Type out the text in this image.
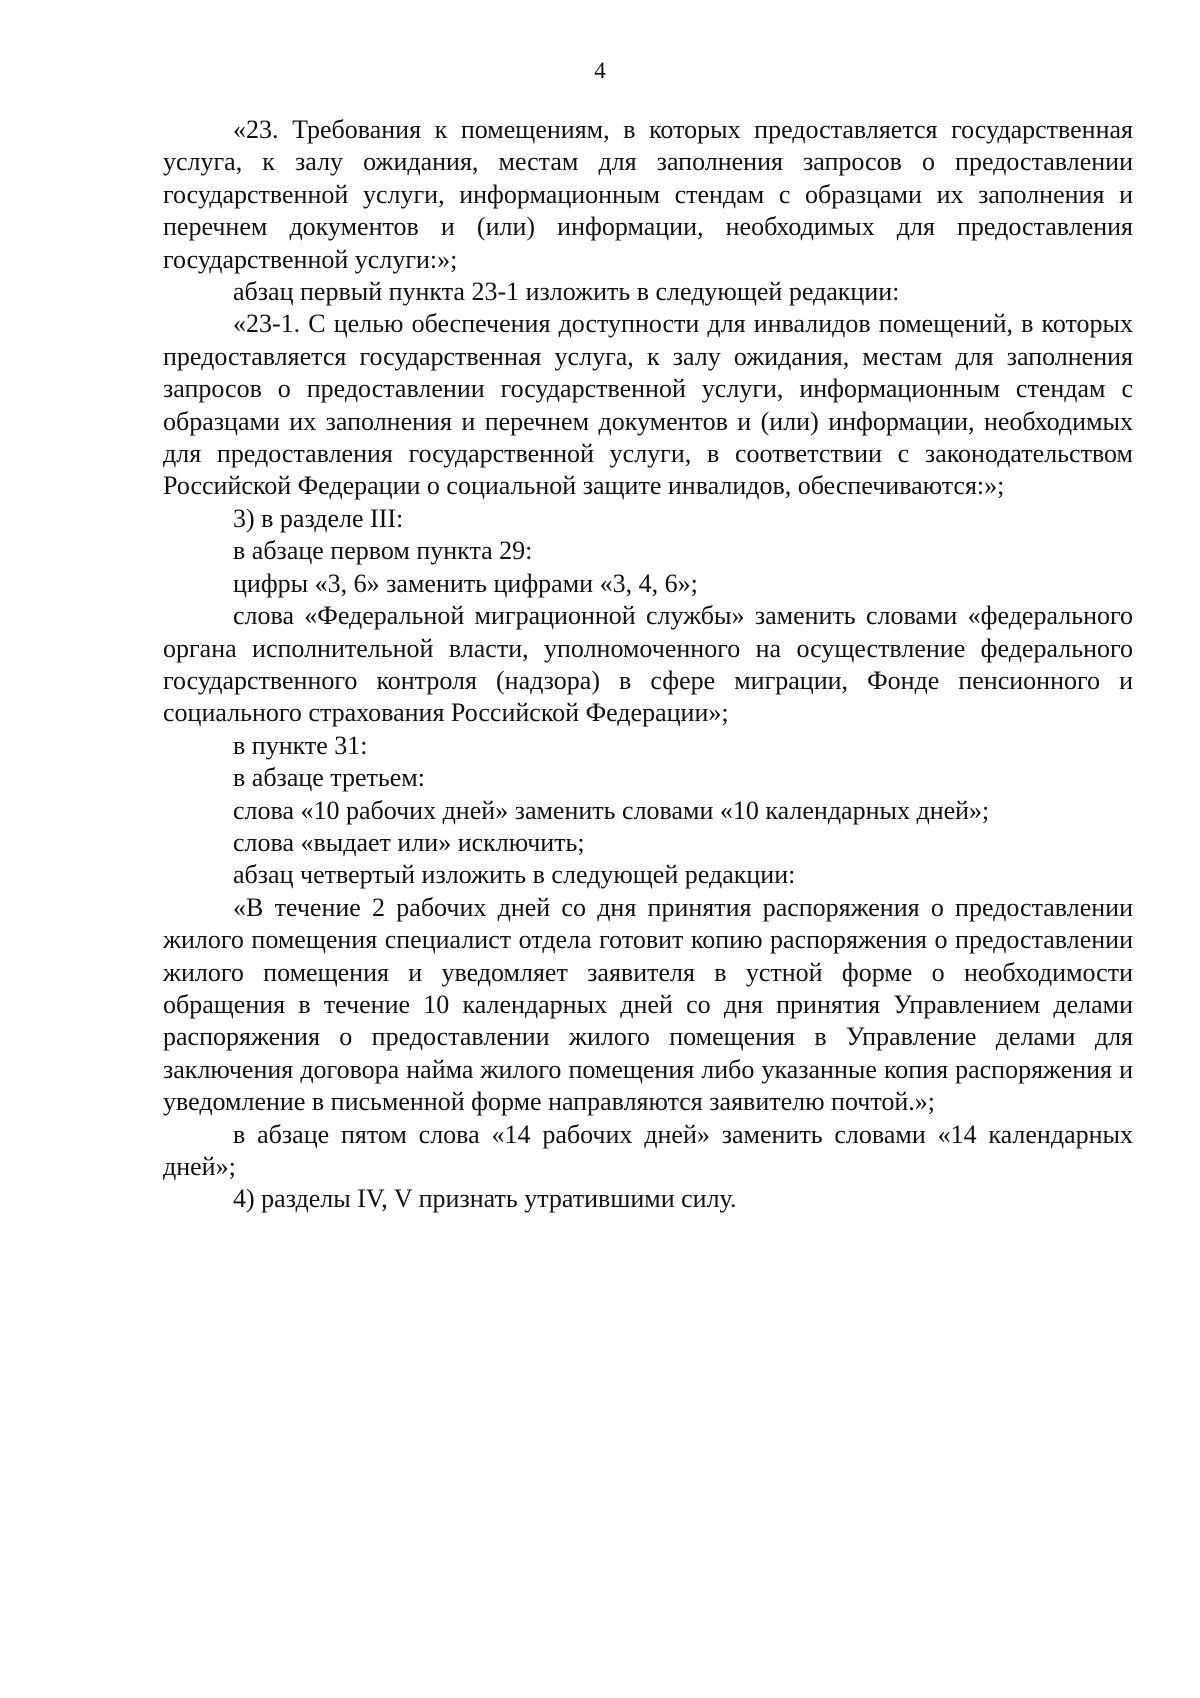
4

«23. Требования к помещениям, в которых предоставляется государственная услуга, к залу ожидания, местам для заполнения запросов о предоставлении государственной услуги, информационным стендам с образцами их заполнения и перечнем документов и (или) информации, необходимых для предоставления государственной услуги:»;

абзац первый пункта 23-1 изложить в следующей редакции:

«23-1. С целью обеспечения доступности для инвалидов помещений, в которых предоставляется государственная услуга, к залу ожидания, местам для заполнения запросов о предоставлении государственной услуги, информационным стендам с образцами их заполнения и перечнем документов и (или) информации, необходимых для предоставления государственной услуги, в соответствии с законодательством Российской Федерации о социальной защите инвалидов, обеспечиваются:»;

3) в разделе III:

в абзаце первом пункта 29:

цифры «3, 6» заменить цифрами «3, 4, 6»;

слова «Федеральной миграционной службы» заменить словами «федерального органа исполнительной власти, уполномоченного на осуществление федерального государственного контроля (надзора) в сфере миграции, Фонде пенсионного и социального страхования Российской Федерации»;

в пункте 31:

в абзаце третьем:

слова «10 рабочих дней» заменить словами «10 календарных дней»;

слова «выдает или» исключить;

абзац четвертый изложить в следующей редакции:

«В течение 2 рабочих дней со дня принятия распоряжения о предоставлении жилого помещения специалист отдела готовит копию распоряжения о предоставлении жилого помещения и уведомляет заявителя в устной форме о необходимости обращения в течение 10 календарных дней со дня принятия Управлением делами распоряжения о предоставлении жилого помещения в Управление делами для заключения договора найма жилого помещения либо указанные копия распоряжения и уведомление в письменной форме направляются заявителю почтой.»;

в абзаце пятом слова «14 рабочих дней» заменить словами «14 календарных дней»;

4) разделы IV, V признать утратившими силу.
